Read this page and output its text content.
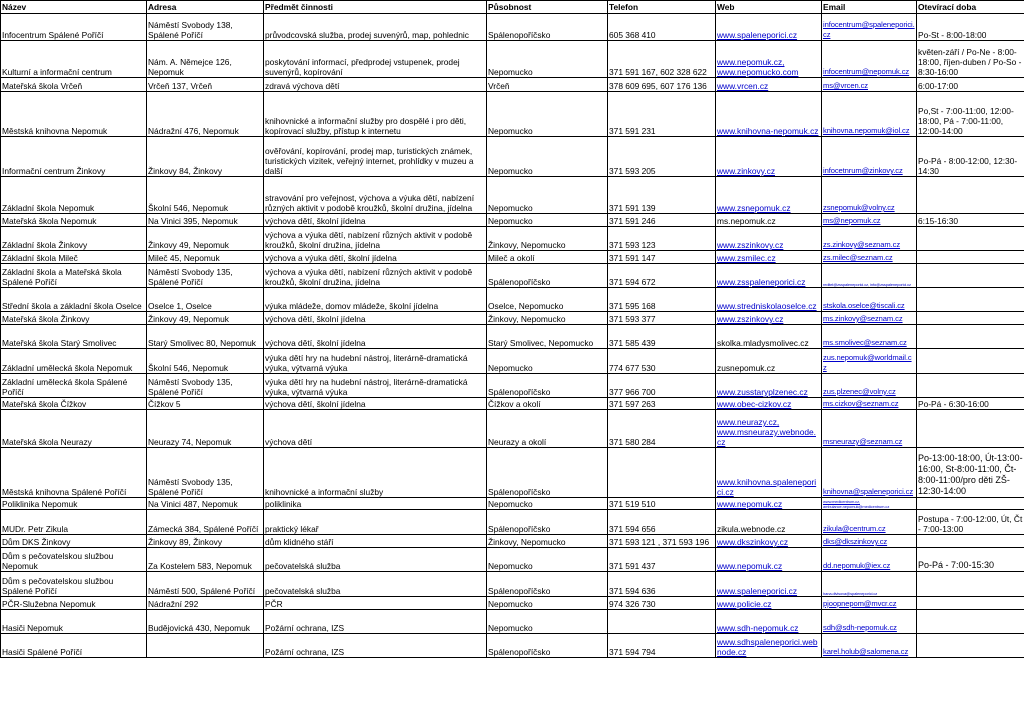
Název	Adresa	Předmět činnosti	Působnost	Telefon	Web	Email	Otevírací doba
Infocentrum Spálené Poříčí	Náměstí Svobody 138, Spálené Poříčí	průvodcovská služba, prodej suvenýrů, map, pohlednic	Spálenopoříčsko	605 368 410	www.spaleneporici.cz	infocentrum@spaleneporici.cz	Po-St - 8:00-18:00
Kulturní a informační centrum	Nám. A. Němejce 126, Nepomuk	poskytování informací, předprodej vstupenek, prodej suvenýrů, kopírování	Nepomucko	371 591 167, 602 328 622	www.nepomuk.cz, www.nepomucko.com	infocentrum@nepomuk.cz	květen-září / Po-Ne - 8:00-18:00, říjen-duben / Po-So - 8:30-16:00
Mateřská škola Vrčeň	Vrčeň 137, Vrčeň	zdravá výchova dětí	Vrčeň	378 609 695, 607 176 136	www.vrcen.cz	ms@vrcen.cz	6:00-17:00
Městská knihovna Nepomuk	Nádražní 476, Nepomuk	knihovnické a informační služby pro dospělé i pro děti, kopírovací služby, přístup k internetu	Nepomucko	371 591 231	www.knihovna-nepomuk.cz	knihovna.nepomuk@iol.cz	Po,St - 7:00-11:00, 12:00-18:00, Pá - 7:00-11:00, 12:00-14:00
Informační centrum Žinkovy	Žinkovy 84, Žinkovy	ověřování, kopírování, prodej map, turistických známek, turistických vizitek, veřejný internet, prohlídky v muzeu a další	Nepomucko	371 593 205	www.zinkovy.cz	infocetnrum@zinkovy.cz	Po-Pá - 8:00-12:00, 12:30-14:30
Základní škola Nepomuk	Školní 546, Nepomuk	stravování pro veřejnost, výchova a výuka dětí, nabízení různých aktivit v podobě kroužků, školní družina, jídelna	Nepomucko	371 591 139	www.zsnepomuk.cz	zsnepomuk@volny.cz	
Mateřská škola Nepomuk	Na Vinici 395, Nepomuk	výchova dětí, školní jídelna	Nepomucko	371 591 246	ms.nepomuk.cz	ms@nepomuk.cz	6:15-16:30
Základní škola Žinkovy	Žinkovy 49, Nepomuk	výchova a výuka dětí, nabízení různých aktivit v podobě kroužků, školní družina, jídelna	Žinkovy, Nepomucko	371 593 123	www.zszinkovy.cz	zs.zinkovy@seznam.cz	
Základní škola Mileč	Mileč 45, Nepomuk	výchova a výuka dětí, školní jídelna	Mileč a okolí	371 591 147	www.zsmilec.cz	zs.milec@seznam.cz	
Základní škola a Mateřská škola Spálené Poříčí	Náměstí Svobody 135, Spálené Poříčí	výchova a výuka dětí, nabízení různých aktivit v podobě kroužků, školní družina, jídelna	Spálenopoříčsko	371 594 672	www.zsspaleneporici.cz	reditel@zsspaleneporici.cz, info@zsspaleneporici.cz	
Střední škola a základní škola Oselce	Oselce 1, Oselce	výuka mládeže, domov mládeže, školní jídelna	Oselce, Nepomucko	371 595 168	www.stredniskolaoselce.cz	stskola.oselce@tiscali.cz	
Mateřská škola Žinkovy	Žinkovy 49, Nepomuk	výchova dětí, školní jídelna	Žinkovy, Nepomucko	371 593 377	www.zszinkovy.cz	ms.zinkovy@seznam.cz	
Mateřská škola Starý Smolivec	Starý Smolivec 80, Nepomuk	výchova dětí, školní jídelna	Starý Smolivec, Nepomucko	371 585 439	skolka.mladysmolivec.cz	ms.smolivec@seznam.cz	
Základní umělecká škola Nepomuk	Školní 546, Nepomuk	výuka dětí hry na hudební nástroj, literárně-dramatická výuka, výtvarná výuka	Nepomucko	774 677 530	zusnepomuk.cz	zus.nepomuk@worldmail.cz	
Základní umělecká škola Spálené Poříčí	Náměstí Svobody 135, Spálené Poříčí	výuka dětí hry na hudební nástroj, literárně-dramatická výuka, výtvarná výuka	Spálenopoříčsko	377 966 700	www.zusstaryplzenec.cz	zus.plzenec@volny.cz	
Mateřská škola Čížkov	Čížkov 5	výchova dětí, školní jídelna	Čížkov a okolí	371 597 263	www.obec-cizkov.cz	ms.cizkov@seznam.cz	Po-Pá - 6:30-16:00
Mateřská škola Neurazy	Neurazy 74, Nepomuk	výchova dětí	Neurazy a okolí	371 580 284	www.neurazy.cz, www.msneurazy.webnode.cz	msneurazy@seznam.cz	
Městská knihovna Spálené Poříčí	Náměstí Svobody 135, Spálené Poříčí	knihovnické a informační služby	Spálenopoříčsko		www.knihovna.spaleneporici.cz	knihovna@spaleneporici.cz	Po-13:00-18:00, Út-13:00-16:00, St-8:00-11:00, Čt-8:00-11:00/pro děti ZŠ- 12:30-14:00
Poliklinika Nepomuk	Na Vinici 487, Nepomuk	poliklinika	Nepomucko	371 519 510	www.nepomuk.cz	www.medicentrum.cz, ambulance.nepomuk@medicentrum.cz	
MUDr. Petr Zikula	Zámecká 384, Spálené Poříčí	praktický lékař	Spálenopoříčsko	371 594 656	zikula.webnode.cz	zikula@centrum.cz	Postupa - 7:00-12:00, Út, Čt - 7:00-13:00
Dům DKS Žinkovy	Žinkovy 89, Žinkovy	dům klidného stáří	Žinkovy, Nepomucko	371 593 121 , 371 593 196	www.dkszinkovy.cz	dks@dkszinkovy.cz	
Dům s pečovatelskou službou Nepomuk	Za Kostelem 583, Nepomuk	pečovatelská služba	Nepomucko	371 591 437	www.nepomuk.cz	dd.nepomuk@iex.cz	Po-Pá - 7:00-15:30
Dům s pečovatelskou službou Spálené Poříčí	Náměstí 500, Spálené Poříčí	pečovatelská služba	Spálenopoříčsko	371 594 636	www.spaleneporici.cz	hana.divisova@spaleneporici.cz	
PČR-Služebna Nepomuk	Nádražní 292	PČR	Nepomucko	974 326 730	www.policie.cz	pjoopnepom@mvcr.cz	
Hasiči Nepomuk	Budějovická 430, Nepomuk	Požární ochrana, IZS	Nepomucko		www.sdh-nepomuk.cz	sdh@sdh-nepomuk.cz	
Hasiči Spálené Poříčí		Požární ochrana, IZS	Spálenopoříčsko	371 594 794	www.sdhspaleneporici.webnode.cz	karel.holub@salomena.cz	
